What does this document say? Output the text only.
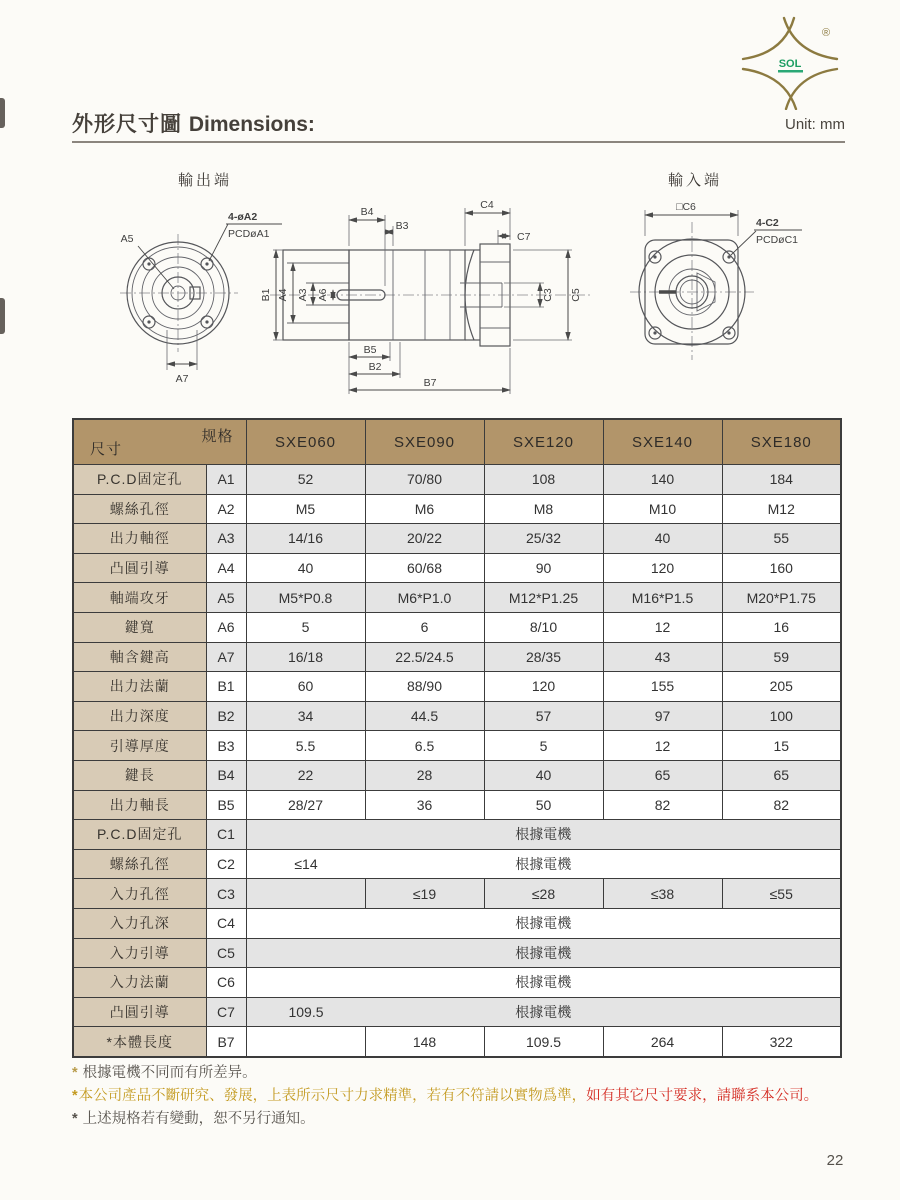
SOL
®
外形尺寸圖 Dimensions:	Unit: mm
輸出端	輸入端
A5
4-øA2
PCDøA1
A7
B1 A4 A3 A6
B4
B3
C4
C7
C3 C5
B5
B2
B7
□C6
4-C2
PCDøC1
规格
尺寸		SXE060	SXE090	SXE120	SXE140	SXE180
P.C.D固定孔	A1	52	70/80	108	140	184
螺絲孔徑	A2	M5	M6	M8	M10	M12
出力軸徑	A3	14/16	20/22	25/32	40	55
凸圓引導	A4	40	60/68	90	120	160
軸端攻牙	A5	M5*P0.8	M6*P1.0	M12*P1.25	M16*P1.5	M20*P1.75
鍵寬	A6	5	6	8/10	12	16
軸含鍵高	A7	16/18	22.5/24.5	28/35	43	59
出力法蘭	B1	60	88/90	120	155	205
出力深度	B2	34	44.5	57	97	100
引導厚度	B3	5.5	6.5	5	12	15
鍵長	B4	22	28	40	65	65
出力軸長	B5	28/27	36	50	82	82
P.C.D固定孔	C1	根據電機				
螺絲孔徑	C2	≤14 根據電機				
入力孔徑	C3		≤19	≤28	≤38	≤55
入力孔深	C4	根據電機				
入力引導	C5	根據電機				
入力法蘭	C6	根據電機				
凸圓引導	C7	109.5 根據電機				
*本體長度	B7		148	109.5	264	322
* 根據電機不同而有所差异。
*本公司產品不斷研究、發展，上表所示尺寸力求精準，若有不符請以實物爲準，如有其它尺寸要求，請聯系本公司。
* 上述規格若有變動，恕不另行通知。
22
